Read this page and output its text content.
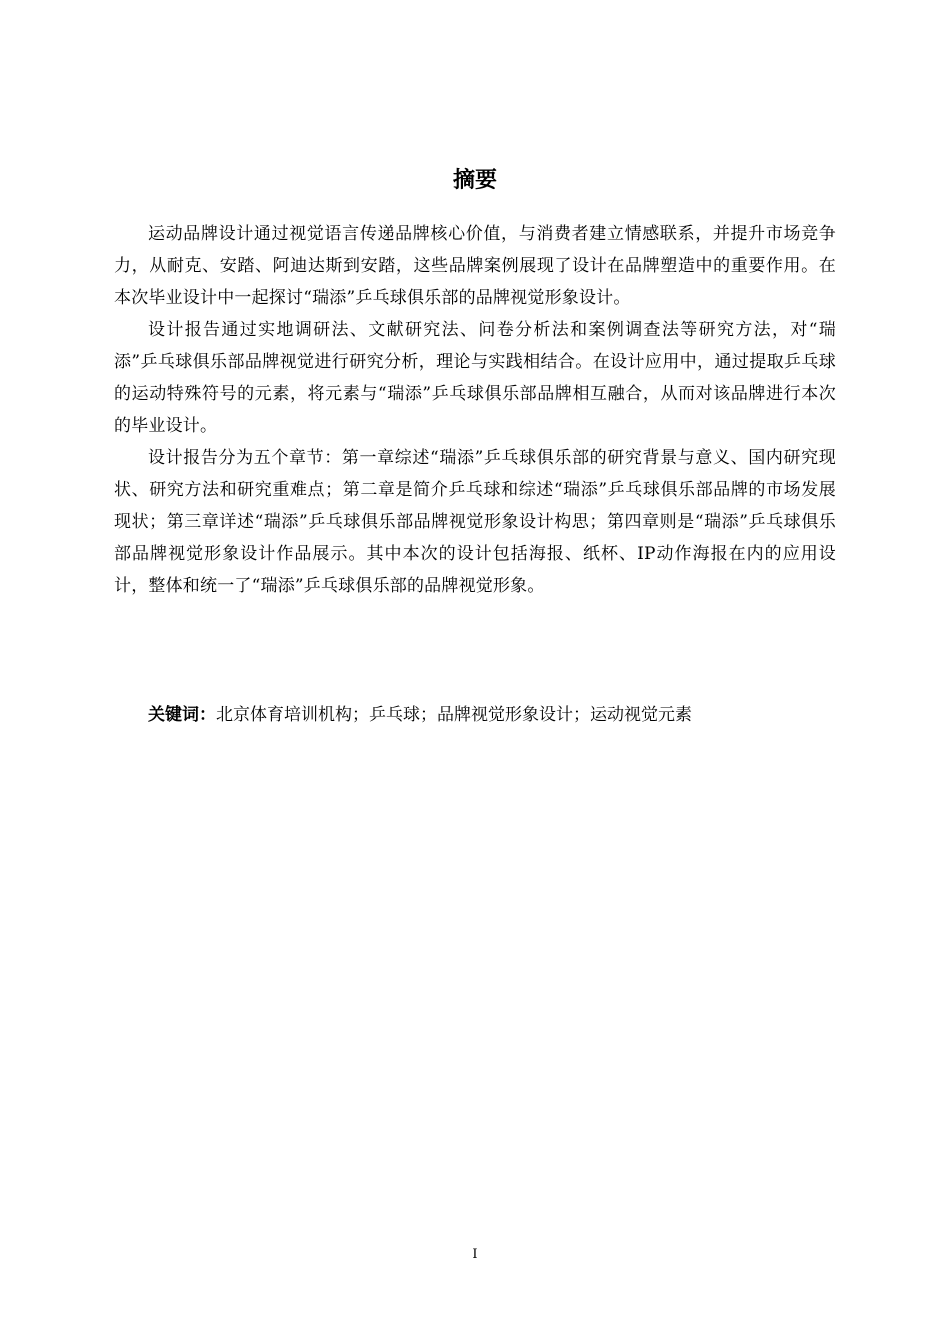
摘要

运动品牌设计通过视觉语言传递品牌核心价值，与消费者建立情感联系，并提升市场竞争力，从耐克、安踏、阿迪达斯到安踏，这些品牌案例展现了设计在品牌塑造中的重要作用。在本次毕业设计中一起探讨“瑞添”乒乓球俱乐部的品牌视觉形象设计。

设计报告通过实地调研法、文献研究法、问卷分析法和案例调查法等研究方法，对“瑞添”乒乓球俱乐部品牌视觉进行研究分析，理论与实践相结合。在设计应用中，通过提取乒乓球的运动特殊符号的元素，将元素与“瑞添”乒乓球俱乐部品牌相互融合，从而对该品牌进行本次的毕业设计。

设计报告分为五个章节：第一章综述“瑞添”乒乓球俱乐部的研究背景与意义、国内研究现状、研究方法和研究重难点；第二章是简介乒乓球和综述“瑞添”乒乓球俱乐部品牌的市场发展现状；第三章详述“瑞添”乒乓球俱乐部品牌视觉形象设计构思；第四章则是“瑞添”乒乓球俱乐部品牌视觉形象设计作品展示。其中本次的设计包括海报、纸杯、IP动作海报在内的应用设计，整体和统一了“瑞添”乒乓球俱乐部的品牌视觉形象。

关键词：北京体育培训机构；乒乓球；品牌视觉形象设计；运动视觉元素

I
